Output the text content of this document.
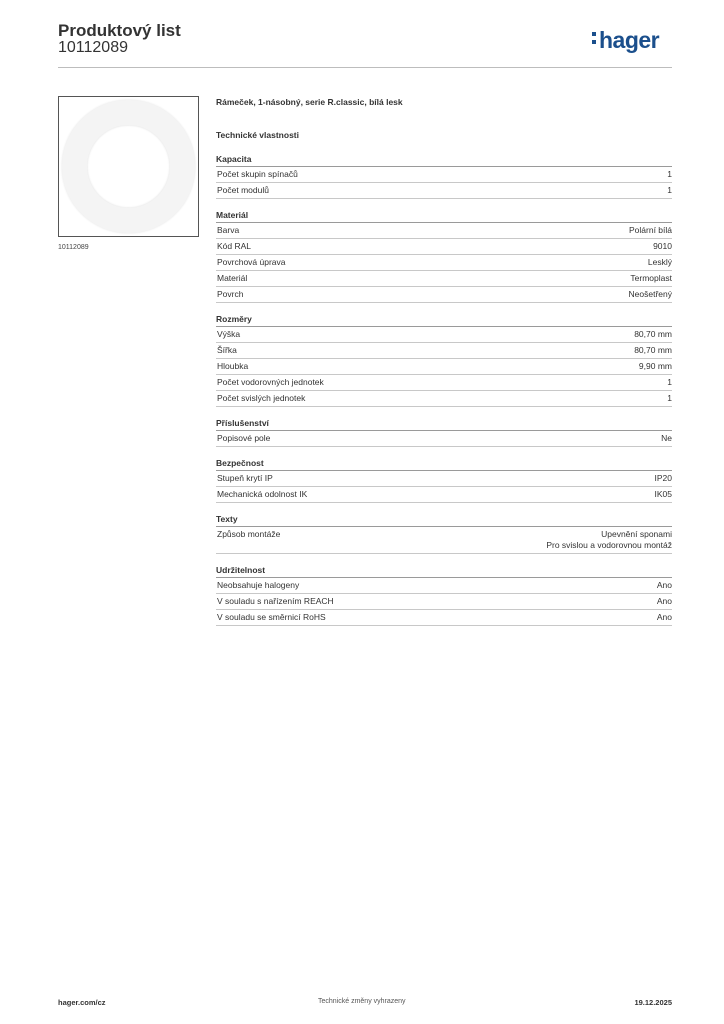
Produktový list
10112089	hager
10112089
Rámeček, 1-násobný, serie R.classic, bílá lesk
Technické vlastnosti
Kapacita
Počet skupin spínačů	1
Počet modulů	1
Materiál
Barva	Polární bílá
Kód RAL	9010
Povrchová úprava	Lesklý
Materiál	Termoplast
Povrch	Neošetřený
Rozměry
Výška	80,70 mm
Šířka	80,70 mm
Hloubka	9,90 mm
Počet vodorovných jednotek	1
Počet svislých jednotek	1
Příslušenství
Popisové pole	Ne
Bezpečnost
Stupeň krytí IP	IP20
Mechanická odolnost IK	IK05
Texty
Způsob montáže	Upevnění sponami
Pro svislou a vodorovnou montáž
Udržitelnost
Neobsahuje halogeny	Ano
V souladu s nařízením REACH	Ano
V souladu se směrnicí RoHS	Ano
hager.com/cz	Technické změny vyhrazeny	19.12.2025
